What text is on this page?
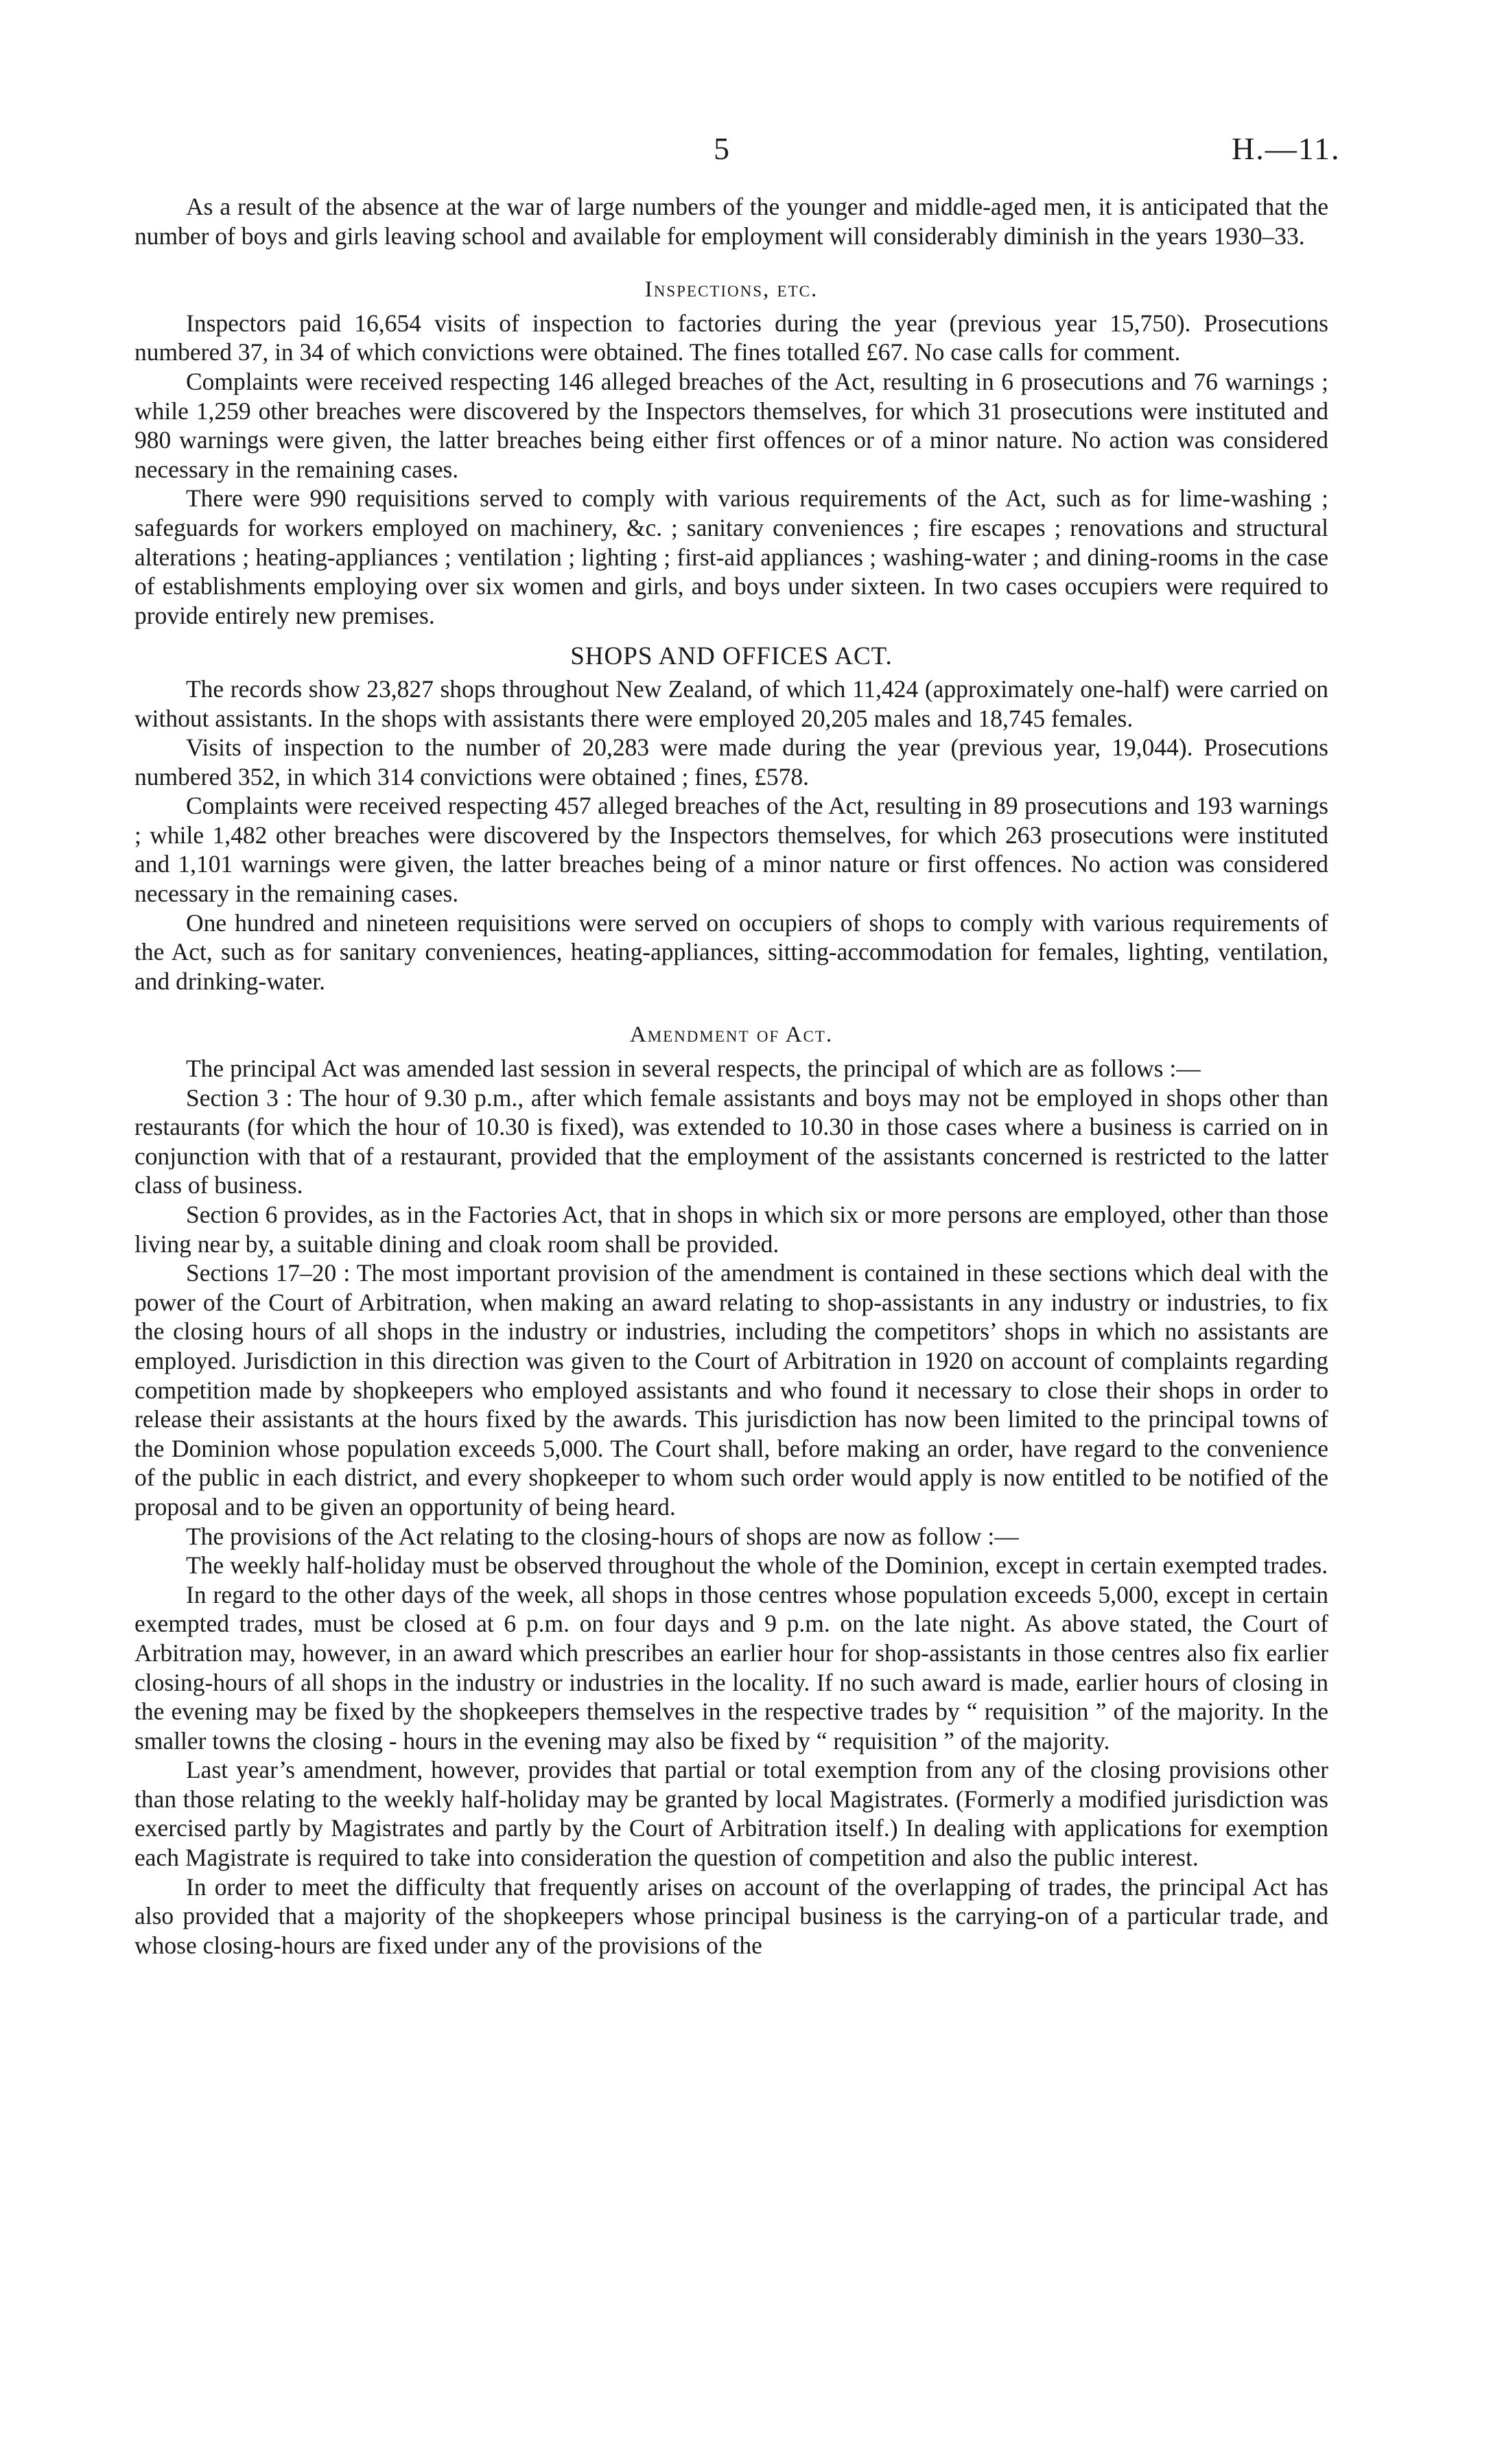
5	H.—11.

As a result of the absence at the war of large numbers of the younger and middle-aged men, it is anticipated that the number of boys and girls leaving school and available for employment will considerably diminish in the years 1930–33.

Inspections, etc.

Inspectors paid 16,654 visits of inspection to factories during the year (previous year 15,750). Prosecutions numbered 37, in 34 of which convictions were obtained. The fines totalled £67. No case calls for comment.

Complaints were received respecting 146 alleged breaches of the Act, resulting in 6 prosecutions and 76 warnings ; while 1,259 other breaches were discovered by the Inspectors themselves, for which 31 prosecutions were instituted and 980 warnings were given, the latter breaches being either first offences or of a minor nature. No action was considered necessary in the remaining cases.

There were 990 requisitions served to comply with various requirements of the Act, such as for lime-washing ; safeguards for workers employed on machinery, &c. ; sanitary conveniences ; fire escapes ; renovations and structural alterations ; heating-appliances ; ventilation ; lighting ; first-aid appliances ; washing-water ; and dining-rooms in the case of establishments employing over six women and girls, and boys under sixteen. In two cases occupiers were required to provide entirely new premises.

SHOPS AND OFFICES ACT.

The records show 23,827 shops throughout New Zealand, of which 11,424 (approximately one-half) were carried on without assistants. In the shops with assistants there were employed 20,205 males and 18,745 females.

Visits of inspection to the number of 20,283 were made during the year (previous year, 19,044). Prosecutions numbered 352, in which 314 convictions were obtained ; fines, £578.

Complaints were received respecting 457 alleged breaches of the Act, resulting in 89 prosecutions and 193 warnings ; while 1,482 other breaches were discovered by the Inspectors themselves, for which 263 prosecutions were instituted and 1,101 warnings were given, the latter breaches being of a minor nature or first offences. No action was considered necessary in the remaining cases.

One hundred and nineteen requisitions were served on occupiers of shops to comply with various requirements of the Act, such as for sanitary conveniences, heating-appliances, sitting-accommodation for females, lighting, ventilation, and drinking-water.

Amendment of Act.

The principal Act was amended last session in several respects, the principal of which are as follows :—

Section 3 : The hour of 9.30 p.m., after which female assistants and boys may not be employed in shops other than restaurants (for which the hour of 10.30 is fixed), was extended to 10.30 in those cases where a business is carried on in conjunction with that of a restaurant, provided that the employment of the assistants concerned is restricted to the latter class of business.

Section 6 provides, as in the Factories Act, that in shops in which six or more persons are employed, other than those living near by, a suitable dining and cloak room shall be provided.

Sections 17–20 : The most important provision of the amendment is contained in these sections which deal with the power of the Court of Arbitration, when making an award relating to shop-assistants in any industry or industries, to fix the closing hours of all shops in the industry or industries, including the competitors’ shops in which no assistants are employed. Jurisdiction in this direction was given to the Court of Arbitration in 1920 on account of complaints regarding competition made by shopkeepers who employed assistants and who found it necessary to close their shops in order to release their assistants at the hours fixed by the awards. This jurisdiction has now been limited to the principal towns of the Dominion whose population exceeds 5,000. The Court shall, before making an order, have regard to the convenience of the public in each district, and every shopkeeper to whom such order would apply is now entitled to be notified of the proposal and to be given an opportunity of being heard.

The provisions of the Act relating to the closing-hours of shops are now as follow :—

The weekly half-holiday must be observed throughout the whole of the Dominion, except in certain exempted trades.

In regard to the other days of the week, all shops in those centres whose population exceeds 5,000, except in certain exempted trades, must be closed at 6 p.m. on four days and 9 p.m. on the late night. As above stated, the Court of Arbitration may, however, in an award which prescribes an earlier hour for shop-assistants in those centres also fix earlier closing-hours of all shops in the industry or industries in the locality. If no such award is made, earlier hours of closing in the evening may be fixed by the shopkeepers themselves in the respective trades by “ requisition ” of the majority. In the smaller towns the closing - hours in the evening may also be fixed by “ requisition ” of the majority.

Last year’s amendment, however, provides that partial or total exemption from any of the closing provisions other than those relating to the weekly half-holiday may be granted by local Magistrates. (Formerly a modified jurisdiction was exercised partly by Magistrates and partly by the Court of Arbitration itself.) In dealing with applications for exemption each Magistrate is required to take into consideration the question of competition and also the public interest.

In order to meet the difficulty that frequently arises on account of the overlapping of trades, the principal Act has also provided that a majority of the shopkeepers whose principal business is the carrying-on of a particular trade, and whose closing-hours are fixed under any of the provisions of the
